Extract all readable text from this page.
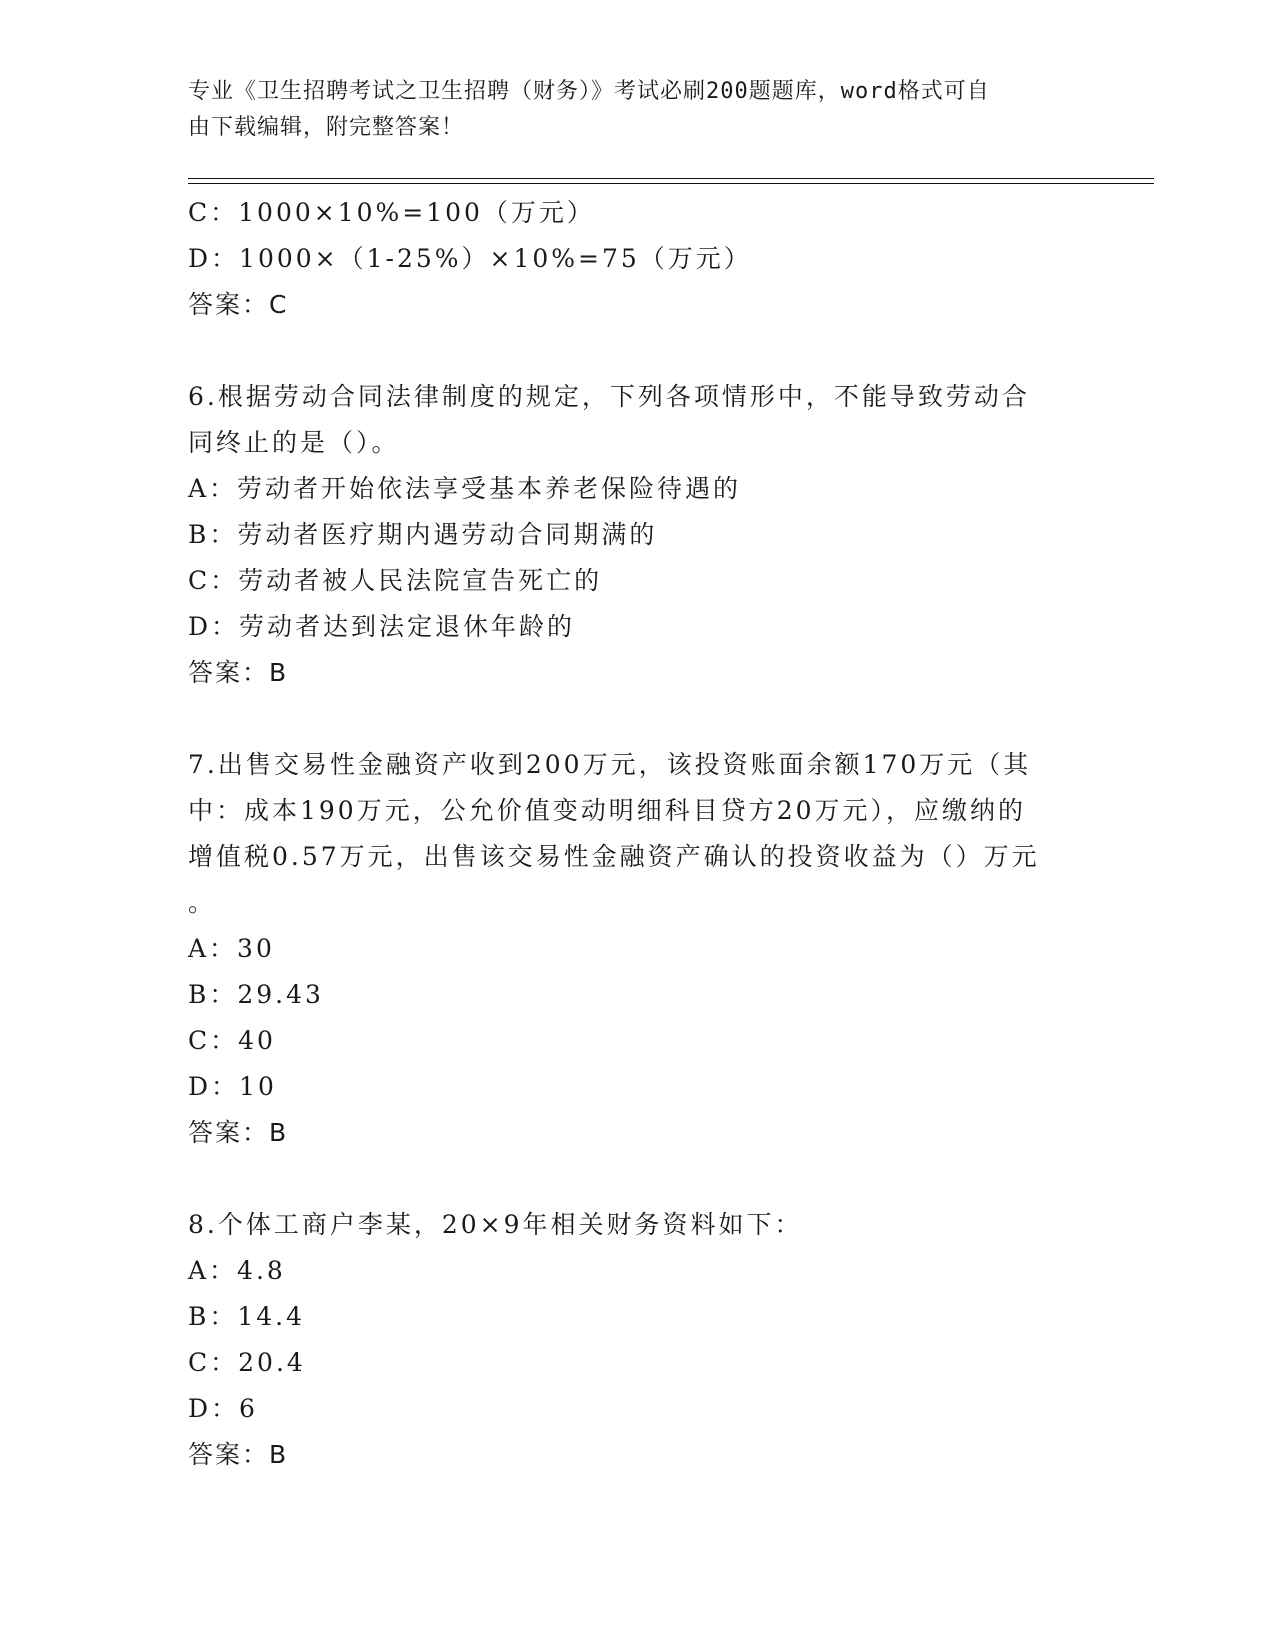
专业《卫生招聘考试之卫生招聘（财务）》考试必刷200题题库，word格式可自
由下载编辑，附完整答案！
C：1000×10%=100（万元）
D：1000×（1-25%）×10%=75（万元）
答案：C
6.根据劳动合同法律制度的规定，下列各项情形中，不能导致劳动合
同终止的是（）。
A：劳动者开始依法享受基本养老保险待遇的
B：劳动者医疗期内遇劳动合同期满的
C：劳动者被人民法院宣告死亡的
D：劳动者达到法定退休年龄的
答案：B
7.出售交易性金融资产收到200万元，该投资账面余额170万元（其
中：成本190万元，公允价值变动明细科目贷方20万元），应缴纳的
增值税0.57万元，出售该交易性金融资产确认的投资收益为（）万元
。
A：30
B：29.43
C：40
D：10
答案：B
8.个体工商户李某，20×9年相关财务资料如下：
A：4.8
B：14.4
C：20.4
D：6
答案：B
